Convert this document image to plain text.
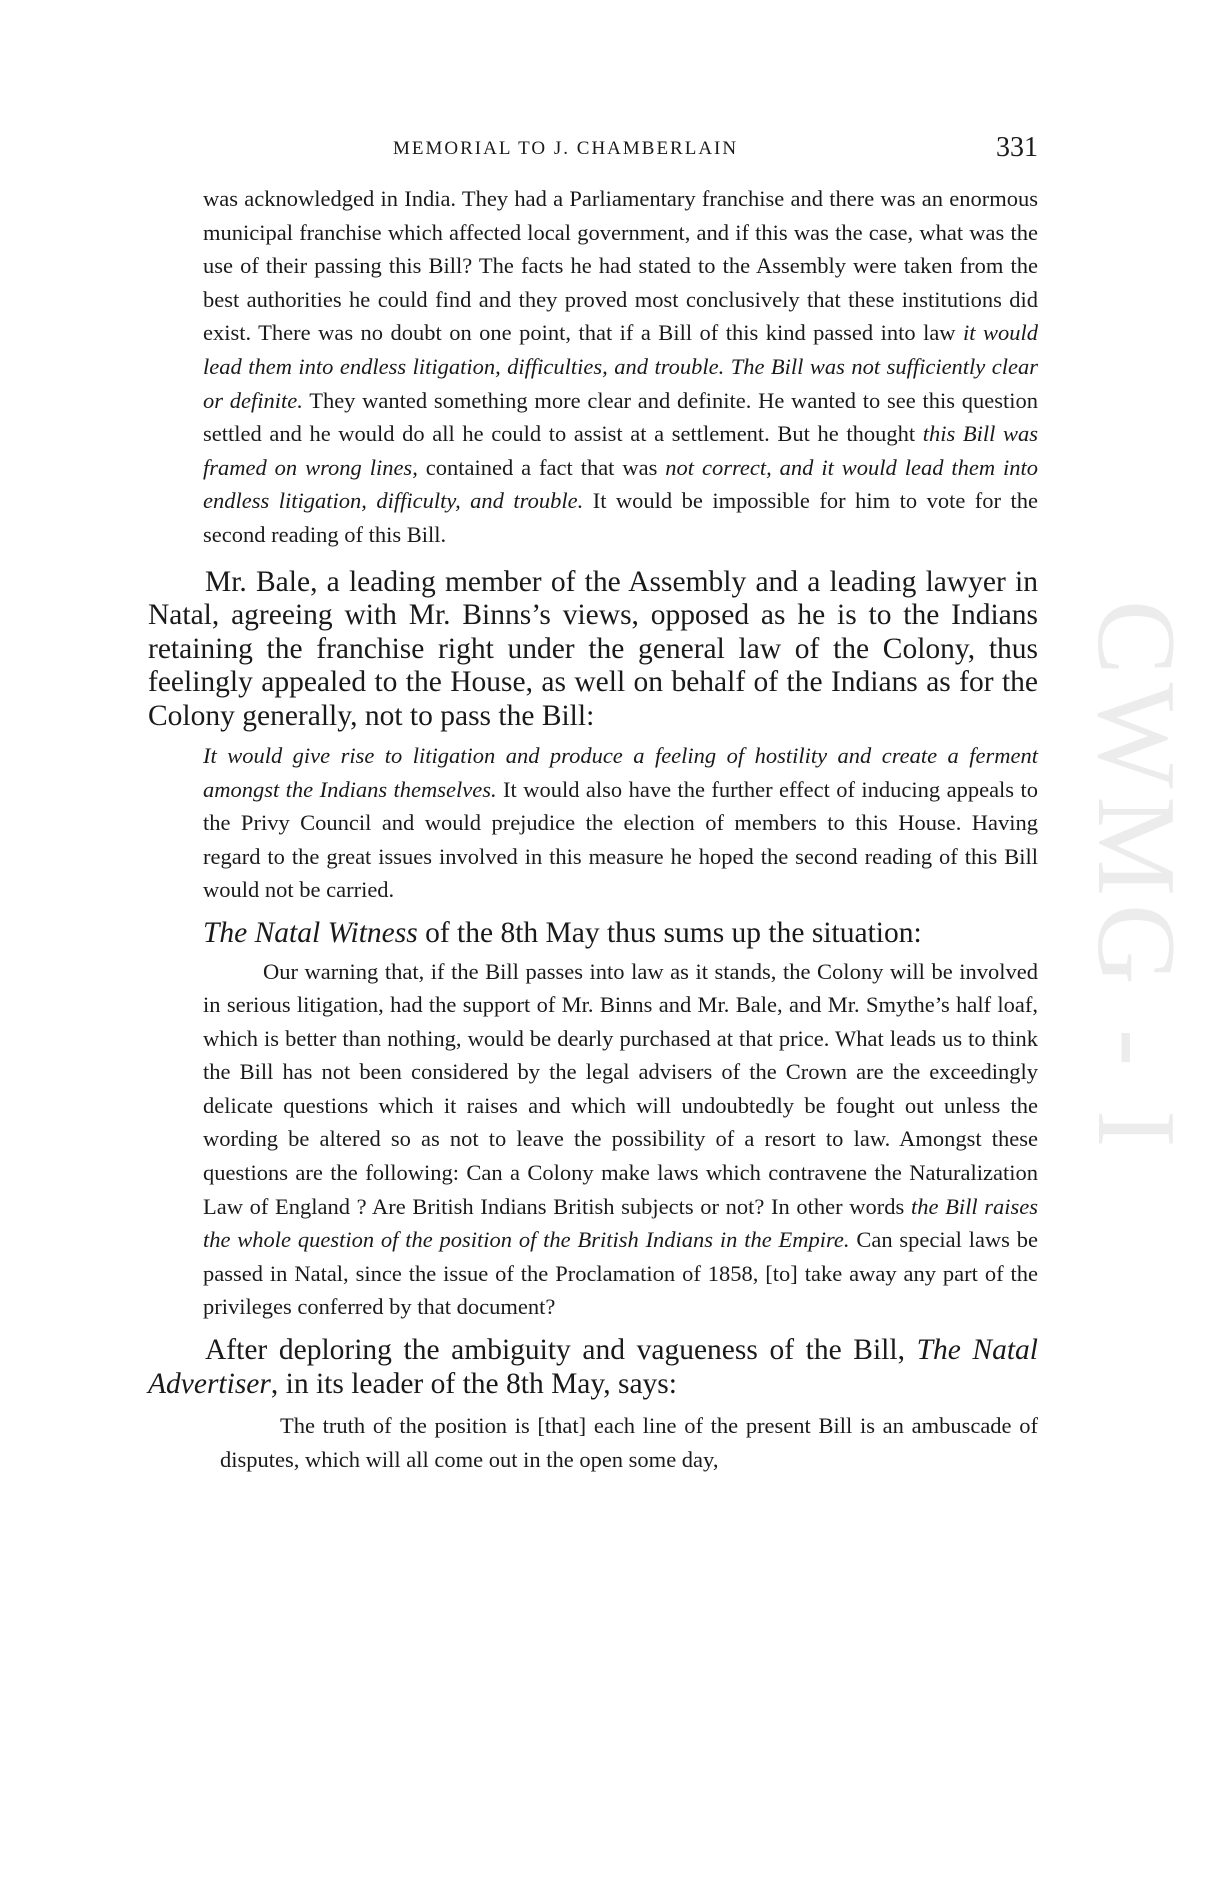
MEMORIAL TO J. CHAMBERLAIN	331
CWMG - I

was acknowledged in India. They had a Parliamentary franchise and there was an enormous municipal franchise which affected local government, and if this was the case, what was the use of their passing this Bill? The facts he had stated to the Assembly were taken from the best authorities he could find and they proved most conclusively that these institutions did exist. There was no doubt on one point, that if a Bill of this kind passed into law it would lead them into endless litigation, difficulties, and trouble. The Bill was not sufficiently clear or definite. They wanted something more clear and definite. He wanted to see this question settled and he would do all he could to assist at a settlement. But he thought this Bill was framed on wrong lines, contained a fact that was not correct, and it would lead them into endless litigation, difficulty, and trouble. It would be impossible for him to vote for the second reading of this Bill.

Mr. Bale, a leading member of the Assembly and a leading lawyer in Natal, agreeing with Mr. Binns’s views, opposed as he is to the Indians retaining the franchise right under the general law of the Colony, thus feelingly appealed to the House, as well on behalf of the Indians as for the Colony generally, not to pass the Bill:

It would give rise to litigation and produce a feeling of hostility and create a ferment amongst the Indians themselves. It would also have the further effect of inducing appeals to the Privy Council and would prejudice the election of members to this House. Having regard to the great issues involved in this measure he hoped the second reading of this Bill would not be carried.

The Natal Witness of the 8th May thus sums up the situation:

Our warning that, if the Bill passes into law as it stands, the Colony will be involved in serious litigation, had the support of Mr. Binns and Mr. Bale, and Mr. Smythe’s half loaf, which is better than nothing, would be dearly purchased at that price. What leads us to think the Bill has not been considered by the legal advisers of the Crown are the exceedingly delicate questions which it raises and which will undoubtedly be fought out unless the wording be altered so as not to leave the possibility of a resort to law. Amongst these questions are the following: Can a Colony make laws which contravene the Naturalization Law of England ? Are British Indians British subjects or not? In other words the Bill raises the whole question of the position of the British Indians in the Empire. Can special laws be passed in Natal, since the issue of the Proclamation of 1858, [to] take away any part of the privileges conferred by that document?

After deploring the ambiguity and vagueness of the Bill, The Natal Advertiser, in its leader of the 8th May, says:

The truth of the position is [that] each line of the present Bill is an ambuscade of disputes, which will all come out in the open some day,
